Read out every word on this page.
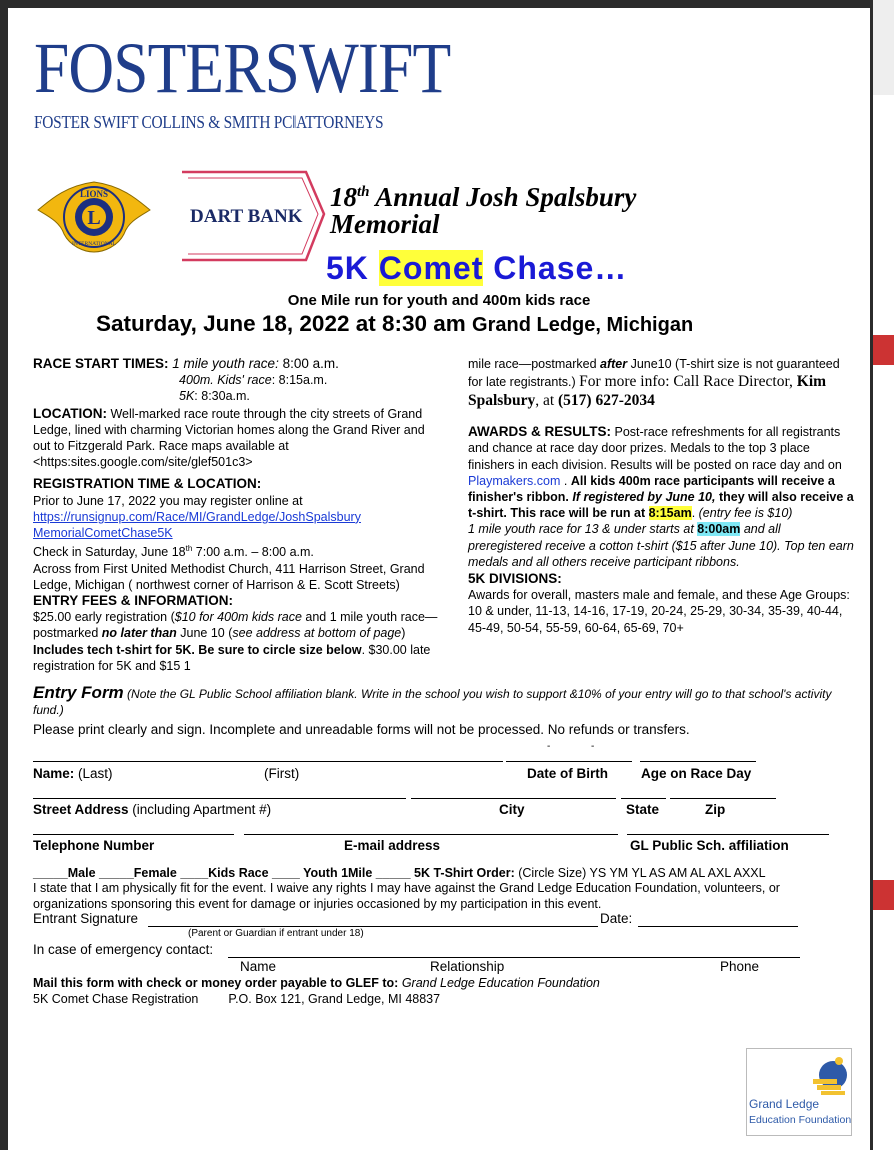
FOSTERSWIFT
FOSTER SWIFT COLLINS & SMITH PC‖ATTORNEYS
L
LIONS
INTERNATIONAL
DART BANK
18th Annual Josh Spalsbury
Memorial
5K Comet Chase…
One Mile run for youth and 400m kids race
Saturday, June 18, 2022 at 8:30 am Grand Ledge, Michigan
RACE START TIMES: 1 mile youth race: 8:00 a.m.
400m. Kids' race: 8:15a.m.
5K: 8:30a.m.
LOCATION: Well-marked race route through the city streets of Grand Ledge, lined with charming Victorian homes along the Grand River and out to Fitzgerald Park. Race maps available at <https:sites.google.com/site/glef501c3>
REGISTRATION TIME & LOCATION:
Prior to June 17, 2022 you may register online at
https://runsignup.com/Race/MI/GrandLedge/JoshSpalsbury
MemorialCometChase5K
Check in Saturday, June 18th 7:00 a.m. – 8:00 a.m.
Across from First United Methodist Church, 411 Harrison Street, Grand Ledge, Michigan ( northwest corner of Harrison & E. Scott Streets)
ENTRY FEES & INFORMATION:
$25.00 early registration ($10 for 400m kids race and 1 mile youth race—postmarked no later than June 10 (see address at bottom of page) Includes tech t-shirt for 5K. Be sure to circle size below. $30.00 late registration for 5K and $15 1
mile race—postmarked after June10 (T-shirt size is not guaranteed for late registrants.) For more info: Call Race Director, Kim Spalsbury, at (517) 627-2034
AWARDS & RESULTS: Post-race refreshments for all registrants and chance at race day door prizes. Medals to the top 3 place finishers in each division. Results will be posted on race day and on Playmakers.com . All kids 400m race participants will receive a finisher's ribbon. If registered by June 10, they will also receive a t-shirt. This race will be run at 8:15am. (entry fee is $10)
1 mile youth race for 13 & under starts at 8:00am and all preregistered receive a cotton t-shirt ($15 after June 10). Top ten earn medals and all others receive participant ribbons.
5K DIVISIONS:
Awards for overall, masters male and female, and these Age Groups: 10 & under, 11-13, 14-16, 17-19, 20-24, 25-29, 30-34, 35-39, 40-44, 45-49, 50-54, 55-59, 60-64, 65-69, 70+
Entry Form (Note the GL Public School affiliation blank. Write in the school you wish to support &10% of your entry will go to that school's activity fund.)
Please print clearly and sign. Incomplete and unreadable forms will not be processed. No refunds or transfers.
-	-
Name: (Last)	(First)	Date of Birth Age on Race Day
Street Address (including Apartment #)	City	State	Zip
Telephone Number	E-mail address	GL Public Sch. affiliation
_____Male _____Female ____Kids Race ____ Youth 1Mile _____ 5K T-Shirt Order: (Circle Size) YS YM YL AS AM AL AXL AXXL
I state that I am physically fit for the event. I waive any rights I may have against the Grand Ledge Education Foundation, volunteers, or organizations sponsoring this event for damage or injuries occasioned by my participation in this event.
Entrant Signature	Date:
(Parent or Guardian if entrant under 18)
In case of emergency contact:
Name	Relationship	Phone
Mail this form with check or money order payable to GLEF to: Grand Ledge Education Foundation
5K Comet Chase Registration P.O. Box 121, Grand Ledge, MI 48837
Grand Ledge
Education Foundation
